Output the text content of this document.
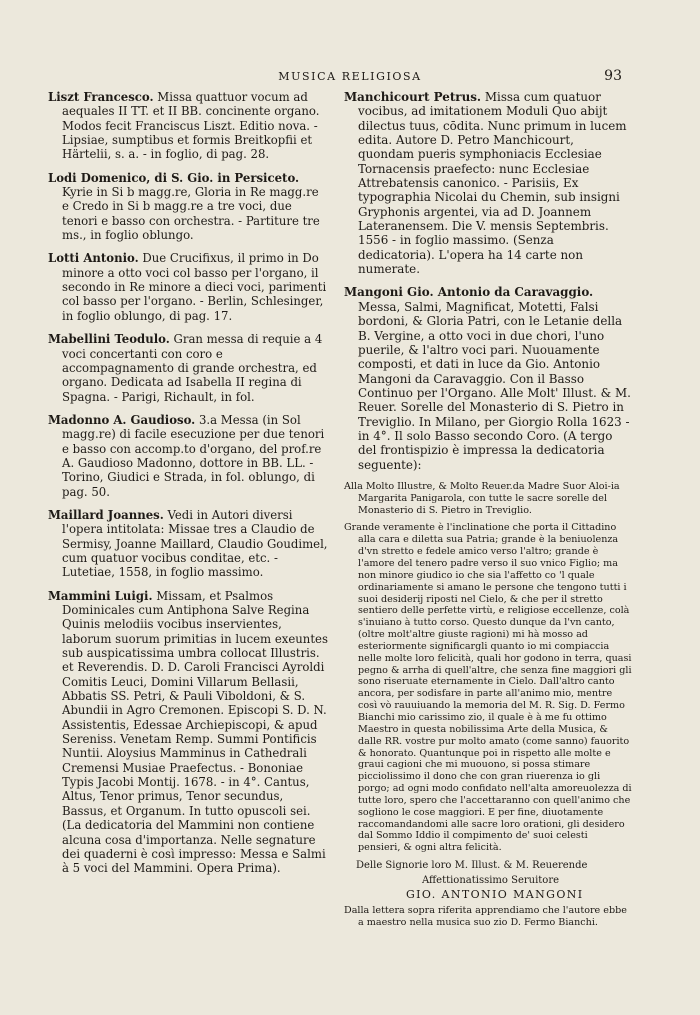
MUSICA RELIGIOSA	93

Liszt Francesco. Missa quattuor vocum ad aequales II TT. et II BB. concinente organo. Modos fecit Franciscus Liszt. Editio nova. - Lipsiae, sumptibus et formis Breitkopfii et Härtelii, s. a. - in foglio, di pag. 28.

Lodi Domenico, di S. Gio. in Persiceto. Kyrie in Si b magg.re, Gloria in Re magg.re e Credo in Si b magg.re a tre voci, due tenori e basso con orchestra. - Partiture tre ms., in foglio oblungo.

Lotti Antonio. Due Crucifixus, il primo in Do minore a otto voci col basso per l'organo, il secondo in Re minore a dieci voci, parimenti col basso per l'organo. - Berlin, Schlesinger, in foglio oblungo, di pag. 17.

Mabellini Teodulo. Gran messa di requie a 4 voci concertanti con coro e accompagnamento di grande orchestra, ed organo. Dedicata ad Isabella II regina di Spagna. - Parigi, Richault, in fol.

Madonno A. Gaudioso. 3.a Messa (in Sol magg.re) di facile esecuzione per due tenori e basso con accomp.to d'organo, del prof.re A. Gaudioso Madonno, dottore in BB. LL. - Torino, Giudici e Strada, in fol. oblungo, di pag. 50.

Maillard Joannes. Vedi in Autori diversi l'opera intitolata: Missae tres a Claudio de Sermisy, Joanne Maillard, Claudio Goudimel, cum quatuor vocibus conditae, etc. - Lutetiae, 1558, in foglio massimo.

Mammini Luigi. Missam, et Psalmos Dominicales cum Antiphona Salve Regina Quinis melodiis vocibus inservientes, laborum suorum primitias in lucem exeuntes sub auspicatissima umbra collocat Illustris. et Reverendis. D. D. Caroli Francisci Ayroldi Comitis Leuci, Domini Villarum Bellasii, Abbatis SS. Petri, & Pauli Viboldoni, & S. Abundii in Agro Cremonen. Episcopi S. D. N. Assistentis, Edessae Archiepiscopi, & apud Sereniss. Venetam Remp. Summi Pontificis Nuntii. Aloysius Mamminus in Cathedrali Cremensi Musiae Praefectus. - Bononiae Typis Jacobi Montij. 1678. - in 4°. Cantus, Altus, Tenor primus, Tenor secundus, Bassus, et Organum. In tutto opuscoli sei. (La dedicatoria del Mammini non contiene alcuna cosa d'importanza. Nelle segnature dei quaderni è così impresso: Messa e Salmi à 5 voci del Mammini. Opera Prima).

Manchicourt Petrus. Missa cum quatuor vocibus, ad imitationem Moduli Quo abijt dilectus tuus, cōdita. Nunc primum in lucem edita. Autore D. Petro Manchicourt, quondam pueris symphoniacis Ecclesiae Tornacensis praefecto: nunc Ecclesiae Attrebatensis canonico. - Parisiis, Ex typographia Nicolai du Chemin, sub insigni Gryphonis argentei, via ad D. Joannem Lateranensem. Die V. mensis Septembris. 1556 - in foglio massimo. (Senza dedicatoria). L'opera ha 14 carte non numerate.

Mangoni Gio. Antonio da Caravaggio. Messa, Salmi, Magnificat, Motetti, Falsi bordoni, & Gloria Patri, con le Letanie della B. Vergine, a otto voci in due chori, l'uno puerile, & l'altro voci pari. Nuouamente composti, et dati in luce da Gio. Antonio Mangoni da Caravaggio. Con il Basso Continuo per l'Organo. Alle Molt' Illust. & M. Reuer. Sorelle del Monasterio di S. Pietro in Treviglio. In Milano, per Giorgio Rolla 1623 - in 4°. Il solo Basso secondo Coro. (A tergo del frontispizio è impressa la dedicatoria seguente):

Alla Molto Illustre, & Molto Reuer.da Madre Suor Aloi-ia Margarita Panigarola, con tutte le sacre sorelle del Monasterio di S. Pietro in Treviglio.

Grande veramente è l'inclinatione che porta il Cittadino alla cara e diletta sua Patria; grande è la beniuolenza d'vn stretto e fedele amico verso l'altro; grande è l'amore del tenero padre verso il suo vnico Figlio; ma non minore giudico io che sia l'affetto co 'l quale ordinariamente si amano le persone che tengono tutti i suoi desiderij riposti nel Cielo, & che per il stretto sentiero delle perfette virtù, e religiose eccellenze, colà s'inuiano à tutto corso. Questo dunque da l'vn canto, (oltre molt'altre giuste ragioni) mi hà mosso ad esteriormente significargli quanto io mi compiaccia nelle molte loro felicità, quali hor godono in terra, quasi pegno & arrha di quell'altre, che senza fine maggiori gli sono riseruate eternamente in Cielo. Dall'altro canto ancora, per sodisfare in parte all'animo mio, mentre così vò rauuiuando la memoria del M. R. Sig. D. Fermo Bianchi mio carissimo zio, il quale è à me fu ottimo Maestro in questa nobilissima Arte della Musica, & dalle RR. vostre pur molto amato (come sanno) fauorito & honorato. Quantunque poi in rispetto alle molte e graui cagioni che mi muouono, si possa stimare picciolissimo il dono che con gran riuerenza io gli porgo; ad ogni modo confidato nell'alta amoreuolezza di tutte loro, spero che l'accettaranno con quell'animo che sogliono le cose maggiori. E per fine, diuotamente raccomandandomi alle sacre loro orationi, gli desidero dal Sommo Iddio il compimento de' suoi celesti pensieri, & ogni altra felicità.

Delle Signorie loro M. Illust. & M. Reuerende

Affettionatissimo Seruitore

GIO. ANTONIO MANGONI

Dalla lettera sopra riferita apprendiamo che l'autore ebbe a maestro nella musica suo zio D. Fermo Bianchi.
